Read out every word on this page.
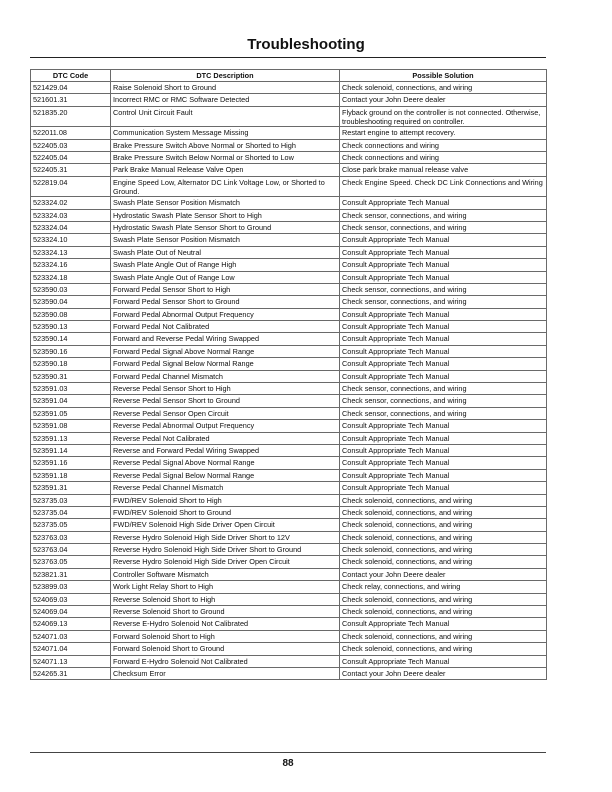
Troubleshooting
DTC Code	DTC Description	Possible Solution
521429.04	Raise Solenoid Short to Ground	Check solenoid, connections, and wiring
521601.31	Incorrect RMC or RMC Software Detected	Contact your John Deere dealer
521835.20	Control Unit Circuit Fault	Flyback ground on the controller is not connected. Otherwise, troubleshooting required on controller.
522011.08	Communication System Message Missing	Restart engine to attempt recovery.
522405.03	Brake Pressure Switch Above Normal or Shorted to High	Check connections and wiring
522405.04	Brake Pressure Switch Below Normal or Shorted to Low	Check connections and wiring
522405.31	Park Brake Manual Release Valve Open	Close park brake manual release valve
522819.04	Engine Speed Low, Alternator DC Link Voltage Low, or Shorted to Ground.	Check Engine Speed. Check DC Link Connections and Wiring
523324.02	Swash Plate Sensor Position Mismatch	Consult Appropriate Tech Manual
523324.03	Hydrostatic Swash Plate Sensor Short to High	Check sensor, connections, and wiring
523324.04	Hydrostatic Swash Plate Sensor Short to Ground	Check sensor, connections, and wiring
523324.10	Swash Plate Sensor Position Mismatch	Consult Appropriate Tech Manual
523324.13	Swash Plate Out of Neutral	Consult Appropriate Tech Manual
523324.16	Swash Plate Angle Out of Range High	Consult Appropriate Tech Manual
523324.18	Swash Plate Angle Out of Range Low	Consult Appropriate Tech Manual
523590.03	Forward Pedal Sensor Short to High	Check sensor, connections, and wiring
523590.04	Forward Pedal Sensor Short to Ground	Check sensor, connections, and wiring
523590.08	Forward Pedal Abnormal Output Frequency	Consult Appropriate Tech Manual
523590.13	Forward Pedal Not Calibrated	Consult Appropriate Tech Manual
523590.14	Forward and Reverse Pedal Wiring Swapped	Consult Appropriate Tech Manual
523590.16	Forward Pedal Signal Above Normal Range	Consult Appropriate Tech Manual
523590.18	Forward Pedal Signal Below Normal Range	Consult Appropriate Tech Manual
523590.31	Forward Pedal Channel Mismatch	Consult Appropriate Tech Manual
523591.03	Reverse Pedal Sensor Short to High	Check sensor, connections, and wiring
523591.04	Reverse Pedal Sensor Short to Ground	Check sensor, connections, and wiring
523591.05	Reverse Pedal Sensor Open Circuit	Check sensor, connections, and wiring
523591.08	Reverse Pedal Abnormal Output Frequency	Consult Appropriate Tech Manual
523591.13	Reverse Pedal Not Calibrated	Consult Appropriate Tech Manual
523591.14	Reverse and Forward Pedal Wiring Swapped	Consult Appropriate Tech Manual
523591.16	Reverse Pedal Signal Above Normal Range	Consult Appropriate Tech Manual
523591.18	Reverse Pedal Signal Below Normal Range	Consult Appropriate Tech Manual
523591.31	Reverse Pedal Channel Mismatch	Consult Appropriate Tech Manual
523735.03	FWD/REV Solenoid Short to High	Check solenoid, connections, and wiring
523735.04	FWD/REV Solenoid Short to Ground	Check solenoid, connections, and wiring
523735.05	FWD/REV Solenoid High Side Driver Open Circuit	Check solenoid, connections, and wiring
523763.03	Reverse Hydro Solenoid High Side Driver Short to 12V	Check solenoid, connections, and wiring
523763.04	Reverse Hydro Solenoid High Side Driver Short to Ground	Check solenoid, connections, and wiring
523763.05	Reverse Hydro Solenoid High Side Driver Open Circuit	Check solenoid, connections, and wiring
523821.31	Controller Software Mismatch	Contact your John Deere dealer
523899.03	Work Light Relay Short to High	Check relay, connections, and wiring
524069.03	Reverse Solenoid Short to High	Check solenoid, connections, and wiring
524069.04	Reverse Solenoid Short to Ground	Check solenoid, connections, and wiring
524069.13	Reverse E-Hydro Solenoid Not Calibrated	Consult Appropriate Tech Manual
524071.03	Forward Solenoid Short to High	Check solenoid, connections, and wiring
524071.04	Forward Solenoid Short to Ground	Check solenoid, connections, and wiring
524071.13	Forward E-Hydro Solenoid Not Calibrated	Consult Appropriate Tech Manual
524265.31	Checksum Error	Contact your John Deere dealer
88
